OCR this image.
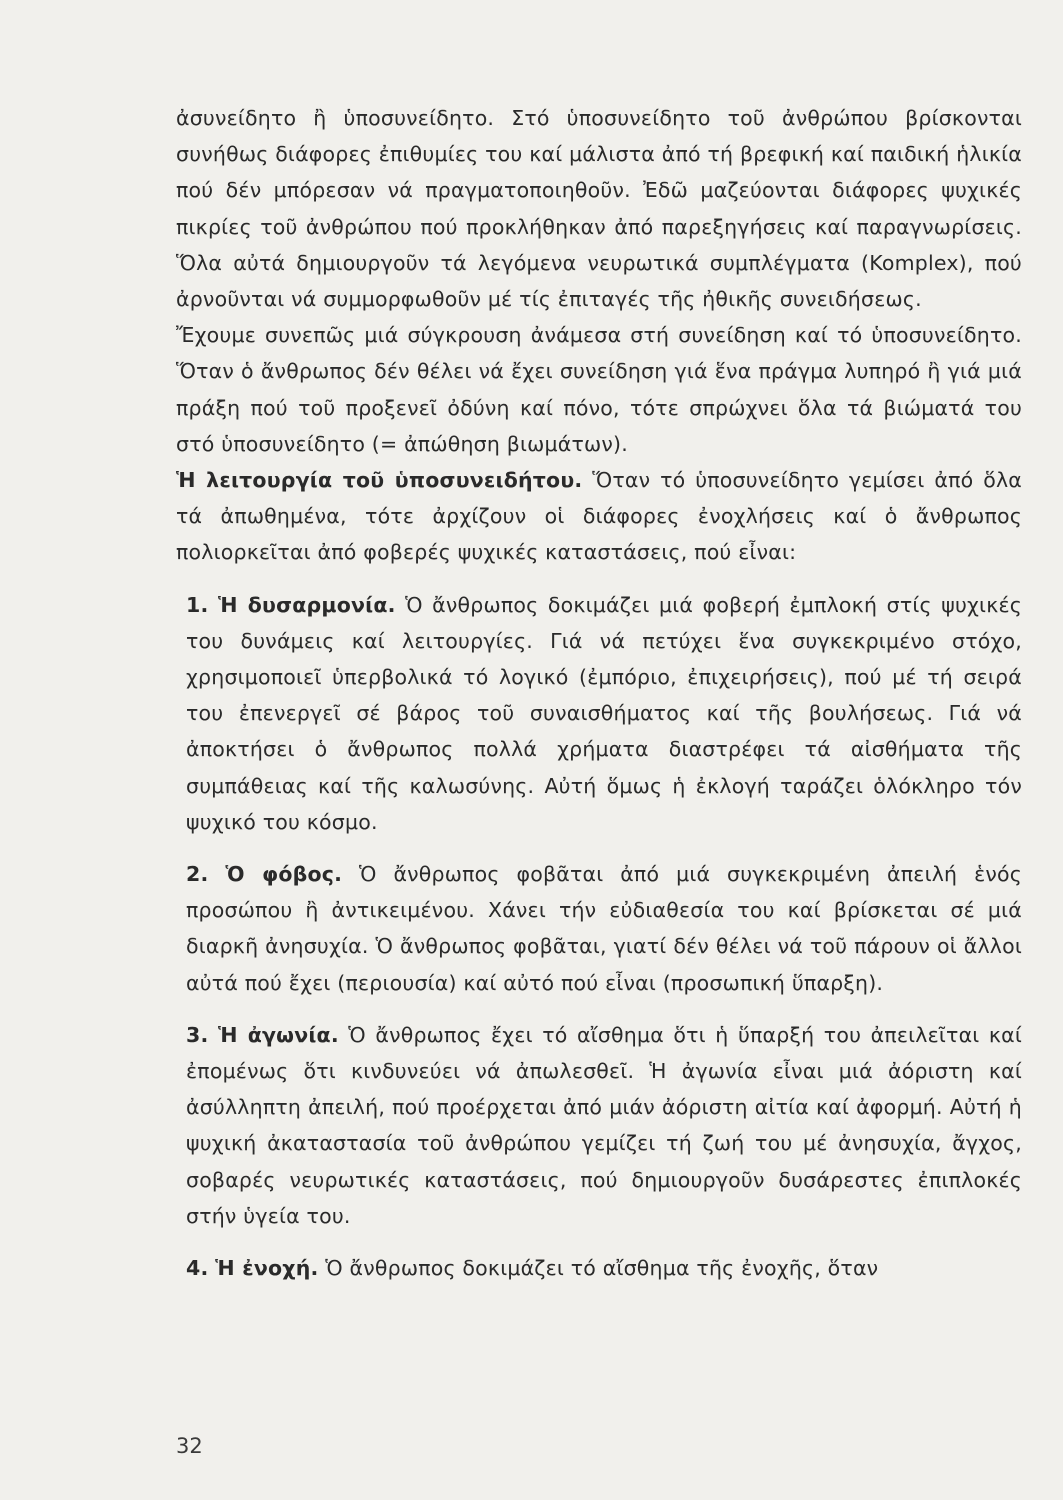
ἀσυνείδητο ἢ ὑποσυνείδητο. Στό ὑποσυνείδητο τοῦ ἀνθρώπου βρίσκονται συνήθως διάφορες ἐπιθυμίες του καί μάλιστα ἀπό τή βρεφική καί παιδική ἡλικία πού δέν μπόρεσαν νά πραγματοποιηθοῦν. Ἐδῶ μαζεύονται διάφορες ψυχικές πικρίες τοῦ ἀνθρώπου πού προκλήθηκαν ἀπό παρεξηγήσεις καί παραγνωρίσεις. Ὅλα αὐτά δημιουργοῦν τά λεγόμενα νευρωτικά συμπλέγματα (Komplex), πού ἀρνοῦνται νά συμμορφωθοῦν μέ τίς ἐπιταγές τῆς ἠθικῆς συνειδήσεως.

Ἔχουμε συνεπῶς μιά σύγκρουση ἀνάμεσα στή συνείδηση καί τό ὑποσυνείδητο. Ὅταν ὁ ἄνθρωπος δέν θέλει νά ἔχει συνείδηση γιά ἕνα πράγμα λυπηρό ἢ γιά μιά πράξη πού τοῦ προξενεῖ ὀδύνη καί πόνο, τότε σπρώχνει ὅλα τά βιώματά του στό ὑποσυνείδητο (= ἀπώθηση βιωμάτων).

Ἡ λειτουργία τοῦ ὑποσυνειδήτου. Ὅταν τό ὑποσυνείδητο γεμίσει ἀπό ὅλα τά ἀπωθημένα, τότε ἀρχίζουν οἱ διάφορες ἐνοχλήσεις καί ὁ ἄνθρωπος πολιορκεῖται ἀπό φοβερές ψυχικές καταστάσεις, πού εἶναι:

1. Ἡ δυσαρμονία. Ὁ ἄνθρωπος δοκιμάζει μιά φοβερή ἐμπλοκή στίς ψυχικές του δυνάμεις καί λειτουργίες. Γιά νά πετύχει ἕνα συγκεκριμένο στόχο, χρησιμοποιεῖ ὑπερβολικά τό λογικό (ἐμπόριο, ἐπιχειρήσεις), πού μέ τή σειρά του ἐπενεργεῖ σέ βάρος τοῦ συναισθήματος καί τῆς βουλήσεως. Γιά νά ἀποκτήσει ὁ ἄνθρωπος πολλά χρήματα διαστρέφει τά αἰσθήματα τῆς συμπάθειας καί τῆς καλωσύνης. Αὐτή ὅμως ἡ ἐκλογή ταράζει ὁλόκληρο τόν ψυχικό του κόσμο.

2. Ὁ φόβος. Ὁ ἄνθρωπος φοβᾶται ἀπό μιά συγκεκριμένη ἀπειλή ἑνός προσώπου ἢ ἀντικειμένου. Χάνει τήν εὐδιαθεσία του καί βρίσκεται σέ μιά διαρκῆ ἀνησυχία. Ὁ ἄνθρωπος φοβᾶται, γιατί δέν θέλει νά τοῦ πάρουν οἱ ἄλλοι αὐτά πού ἔχει (περιουσία) καί αὐτό πού εἶναι (προσωπική ὕπαρξη).

3. Ἡ ἀγωνία. Ὁ ἄνθρωπος ἔχει τό αἴσθημα ὅτι ἡ ὕπαρξή του ἀπειλεῖται καί ἐπομένως ὅτι κινδυνεύει νά ἀπωλεσθεῖ. Ἡ ἀγωνία εἶναι μιά ἀόριστη καί ἀσύλληπτη ἀπειλή, πού προέρχεται ἀπό μιάν ἀόριστη αἰτία καί ἀφορμή. Αὐτή ἡ ψυχική ἀκαταστασία τοῦ ἀνθρώπου γεμίζει τή ζωή του μέ ἀνησυχία, ἄγχος, σοβαρές νευρωτικές καταστάσεις, πού δημιουργοῦν δυσάρεστες ἐπιπλοκές στήν ὑγεία του.

4. Ἡ ἐνοχή. Ὁ ἄνθρωπος δοκιμάζει τό αἴσθημα τῆς ἐνοχῆς, ὅταν

32
